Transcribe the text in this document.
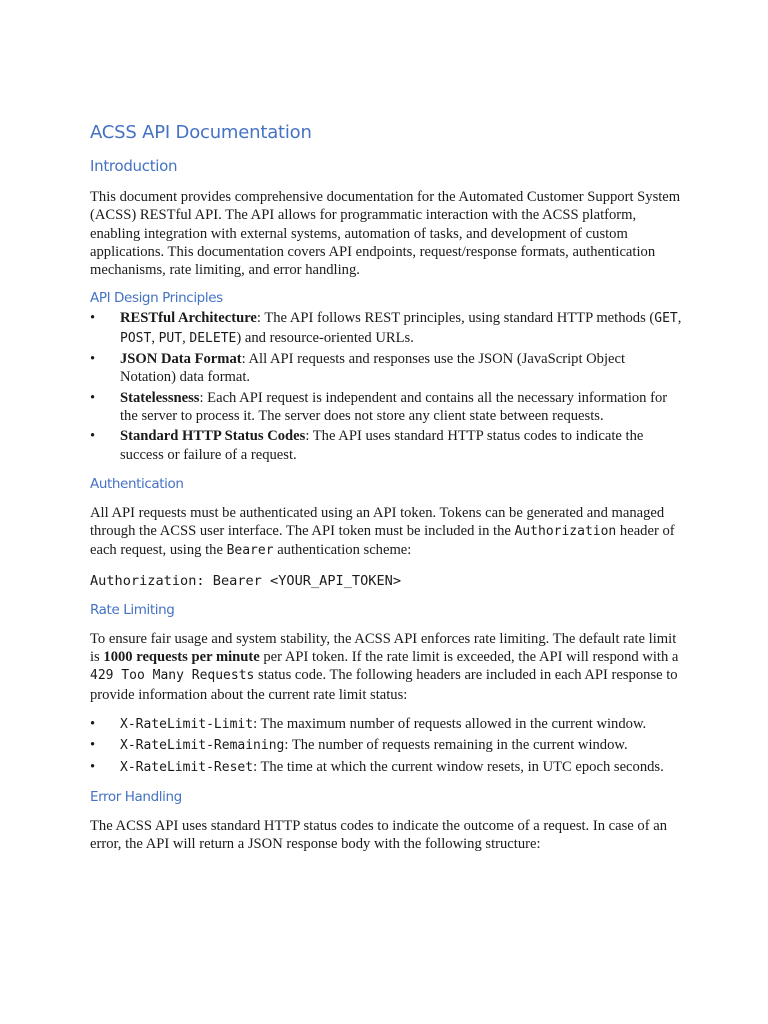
ACSS API Documentation
Introduction

This document provides comprehensive documentation for the Automated Customer Support System (ACSS) RESTful API. The API allows for programmatic interaction with the ACSS platform, enabling integration with external systems, automation of tasks, and development of custom applications. This documentation covers API endpoints, request/response formats, authentication mechanisms, rate limiting, and error handling.

API Design Principles
•	RESTful Architecture: The API follows REST principles, using standard HTTP methods (GET, POST, PUT, DELETE) and resource-oriented URLs.
•	JSON Data Format: All API requests and responses use the JSON (JavaScript Object Notation) data format.
•	Statelessness: Each API request is independent and contains all the necessary information for the server to process it. The server does not store any client state between requests.
•	Standard HTTP Status Codes: The API uses standard HTTP status codes to indicate the success or failure of a request.
Authentication

All API requests must be authenticated using an API token. Tokens can be generated and managed through the ACSS user interface. The API token must be included in the Authorization header of each request, using the Bearer authentication scheme:

Authorization: Bearer <YOUR_API_TOKEN>
Rate Limiting

To ensure fair usage and system stability, the ACSS API enforces rate limiting. The default rate limit is 1000 requests per minute per API token. If the rate limit is exceeded, the API will respond with a 429 Too Many Requests status code. The following headers are included in each API response to provide information about the current rate limit status:

•	X-RateLimit-Limit: The maximum number of requests allowed in the current window.
•	X-RateLimit-Remaining: The number of requests remaining in the current window.
•	X-RateLimit-Reset: The time at which the current window resets, in UTC epoch seconds.
Error Handling

The ACSS API uses standard HTTP status codes to indicate the outcome of a request. In case of an error, the API will return a JSON response body with the following structure:
